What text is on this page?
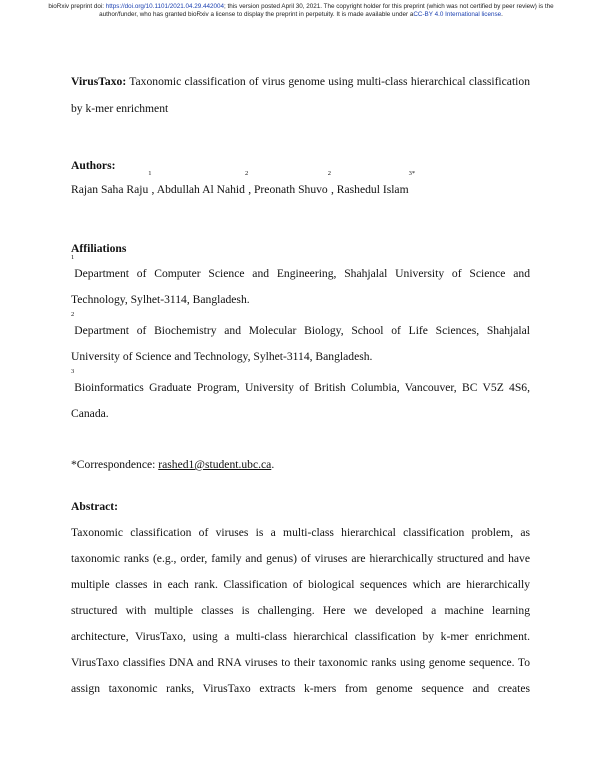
bioRxiv preprint doi: https://doi.org/10.1101/2021.04.29.442004; this version posted April 30, 2021. The copyright holder for this preprint (which was not certified by peer review) is the author/funder, who has granted bioRxiv a license to display the preprint in perpetuity. It is made available under aCC-BY 4.0 International license.

VirusTaxo: Taxonomic classification of virus genome using multi-class hierarchical classification by k-mer enrichment

Authors:

Rajan Saha Raju$^1$, Abdullah Al Nahid$^2$, Preonath Shuvo$^2$, Rashedul Islam$^{3*}$

Affiliations

$^1$Department of Computer Science and Engineering, Shahjalal University of Science and Technology, Sylhet-3114, Bangladesh.

$^2$Department of Biochemistry and Molecular Biology, School of Life Sciences, Shahjalal University of Science and Technology, Sylhet-3114, Bangladesh.

$^3$Bioinformatics Graduate Program, University of British Columbia, Vancouver, BC V5Z 4S6, Canada.

*Correspondence: rashed1@student.ubc.ca.

Abstract:

Taxonomic classification of viruses is a multi-class hierarchical classification problem, as taxonomic ranks (e.g., order, family and genus) of viruses are hierarchically structured and have multiple classes in each rank. Classification of biological sequences which are hierarchically structured with multiple classes is challenging. Here we developed a machine learning architecture, VirusTaxo, using a multi-class hierarchical classification by k-mer enrichment. VirusTaxo classifies DNA and RNA viruses to their taxonomic ranks using genome sequence. To assign taxonomic ranks, VirusTaxo extracts k-mers from genome sequence and creates
